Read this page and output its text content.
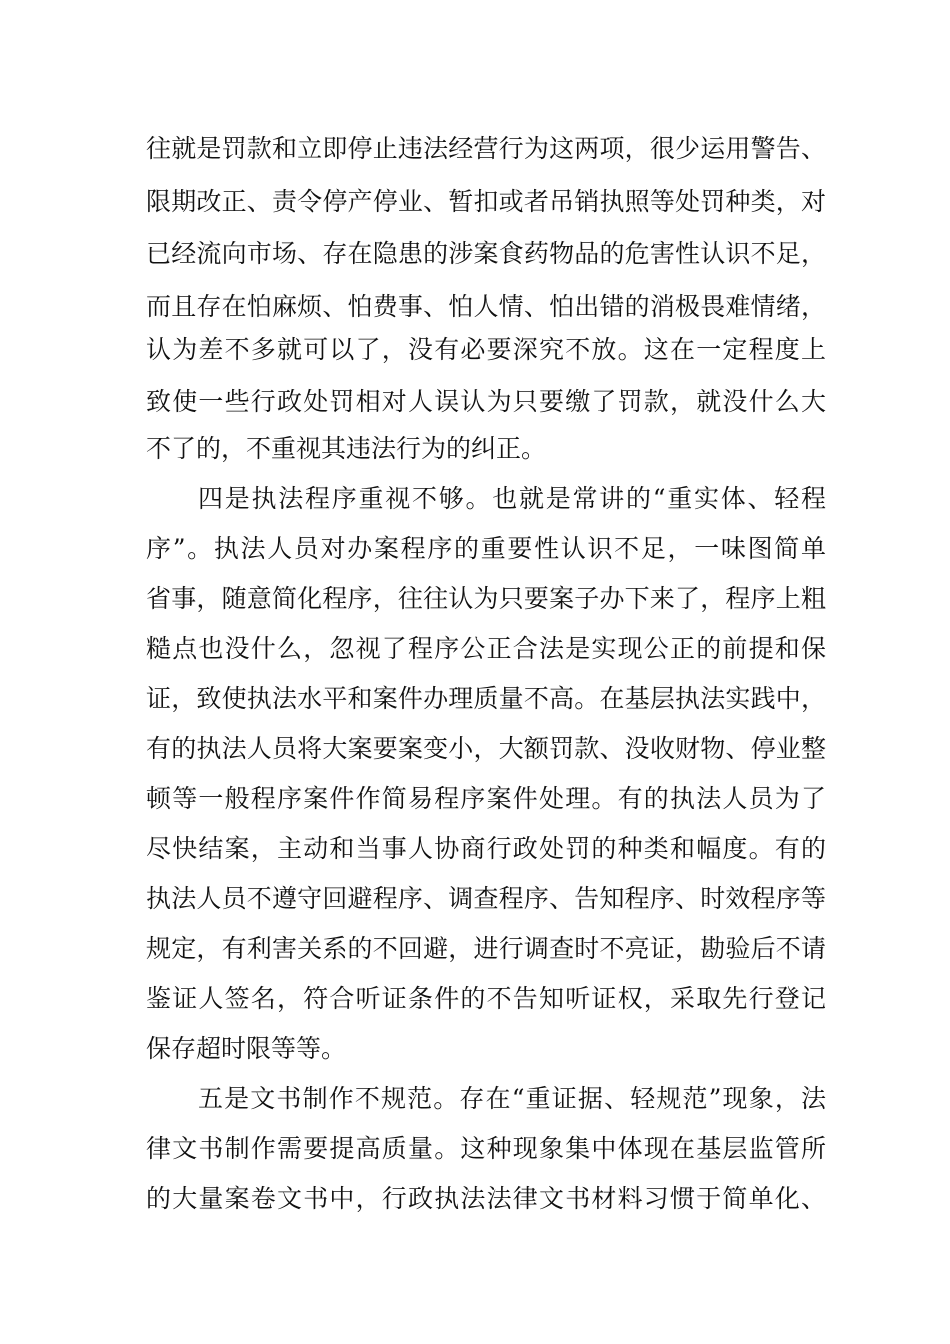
往就是罚款和立即停止违法经营行为这两项，很少运用警告、
限期改正、责令停产停业、暂扣或者吊销执照等处罚种类，对
已经流向市场、存在隐患的涉案食药物品的危害性认识不足，
而且存在怕麻烦、怕费事、怕人情、怕出错的消极畏难情绪，
认为差不多就可以了，没有必要深究不放。这在一定程度上
致使一些行政处罚相对人误认为只要缴了罚款，就没什么大
不了的，不重视其违法行为的纠正。
四是执法程序重视不够。也就是常讲的“重实体、轻程
序”。执法人员对办案程序的重要性认识不足，一味图简单
省事，随意简化程序，往往认为只要案子办下来了，程序上粗
糙点也没什么，忽视了程序公正合法是实现公正的前提和保
证，致使执法水平和案件办理质量不高。在基层执法实践中，
有的执法人员将大案要案变小，大额罚款、没收财物、停业整
顿等一般程序案件作简易程序案件处理。有的执法人员为了
尽快结案，主动和当事人协商行政处罚的种类和幅度。有的
执法人员不遵守回避程序、调查程序、告知程序、时效程序等
规定，有利害关系的不回避，进行调查时不亮证，勘验后不请
鉴证人签名，符合听证条件的不告知听证权，采取先行登记
保存超时限等等。
五是文书制作不规范。存在“重证据、轻规范”现象，法
律文书制作需要提高质量。这种现象集中体现在基层监管所
的大量案卷文书中，行政执法法律文书材料习惯于简单化、
